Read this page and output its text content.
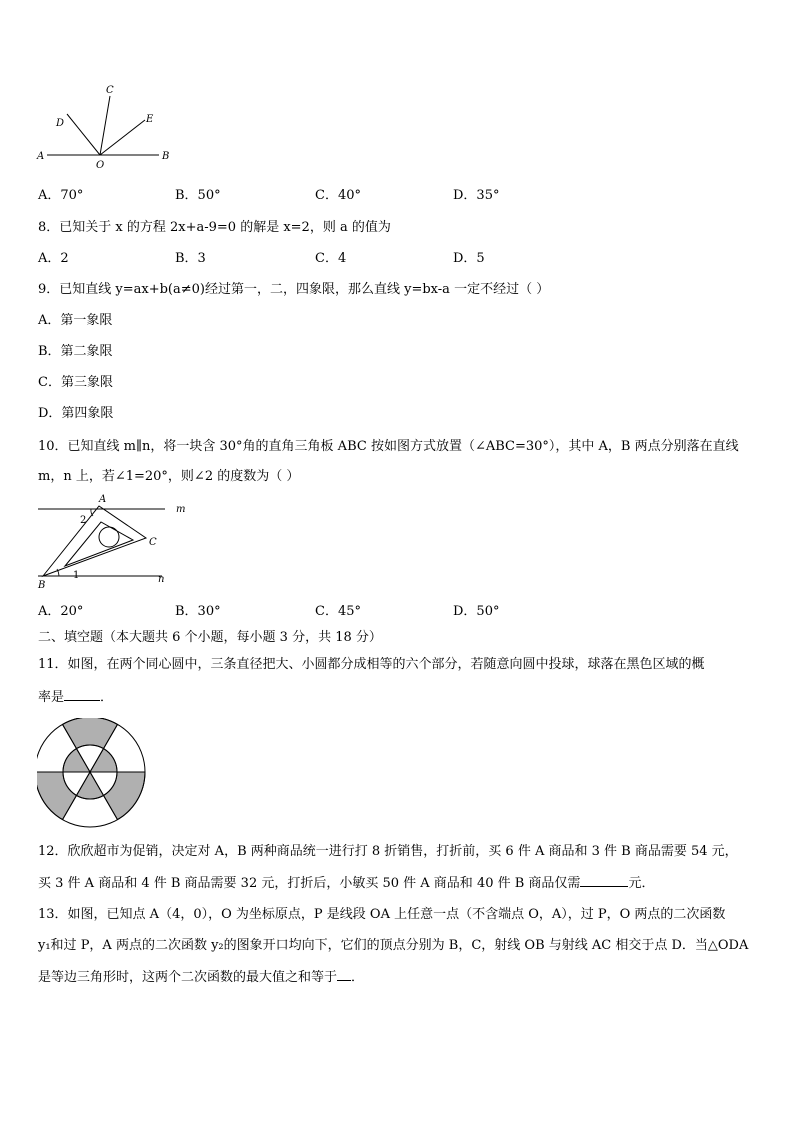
A	B
C
D	E
O
A．70°	B．50°	C．40°	D．35°
8．已知关于 x 的方程 2x+a-9=0 的解是 x=2，则 a 的值为
A．2	B．3	C．4	D．5
9．已知直线 y=ax+b(a≠0)经过第一，二，四象限，那么直线 y=bx-a 一定不经过（ ）
A．第一象限
B．第二象限
C．第三象限
D．第四象限
10．已知直线 m∥n，将一块含 30°角的直角三角板 ABC 按如图方式放置（∠ABC=30°），其中 A，B 两点分别落在直线
m，n 上，若∠1=20°，则∠2 的度数为（ ）
A
B
C
m
n
1
2
A．20°	B．30°	C．45°	D．50°
二、填空题（本大题共 6 个小题，每小题 3 分，共 18 分）
11．如图，在两个同心圆中，三条直径把大、小圆都分成相等的六个部分，若随意向圆中投球，球落在黑色区域的概
率是	．
12．欣欣超市为促销，决定对 A，B 两种商品统一进行打 8 折销售，打折前，买 6 件 A 商品和 3 件 B 商品需要 54 元，
买 3 件 A 商品和 4 件 B 商品需要 32 元，打折后，小敏买 50 件 A 商品和 40 件 B 商品仅需	元．
13．如图，已知点 A（4，0），O 为坐标原点，P 是线段 OA 上任意一点（不含端点 O，A），过 P，O 两点的二次函数
y₁和过 P，A 两点的二次函数 y₂的图象开口均向下，它们的顶点分别为 B，C，射线 OB 与射线 AC 相交于点 D．当△ODA
是等边三角形时，这两个二次函数的最大值之和等于 ．
